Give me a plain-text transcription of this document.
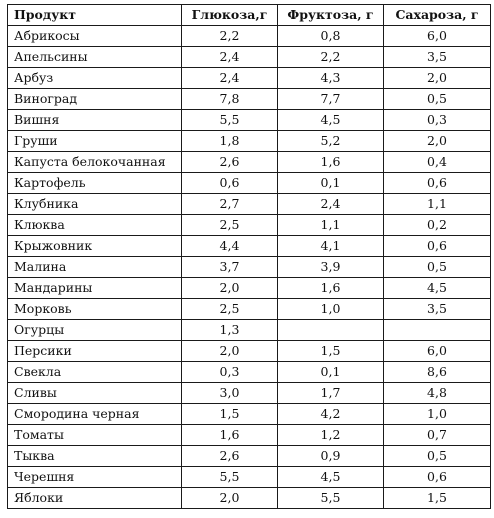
Продукт	Глюкоза,г	Фруктоза, г	Сахароза, г
Абрикосы	2,2	0,8	6,0
Апельсины	2,4	2,2	3,5
Арбуз	2,4	4,3	2,0
Виноград	7,8	7,7	0,5
Вишня	5,5	4,5	0,3
Груши	1,8	5,2	2,0
Капуста белокочанная	2,6	1,6	0,4
Картофель	0,6	0,1	0,6
Клубника	2,7	2,4	1,1
Клюква	2,5	1,1	0,2
Крыжовник	4,4	4,1	0,6
Малина	3,7	3,9	0,5
Мандарины	2,0	1,6	4,5
Морковь	2,5	1,0	3,5
Огурцы	1,3		
Персики	2,0	1,5	6,0
Свекла	0,3	0,1	8,6
Сливы	3,0	1,7	4,8
Смородина черная	1,5	4,2	1,0
Томаты	1,6	1,2	0,7
Тыква	2,6	0,9	0,5
Черешня	5,5	4,5	0,6
Яблоки	2,0	5,5	1,5
